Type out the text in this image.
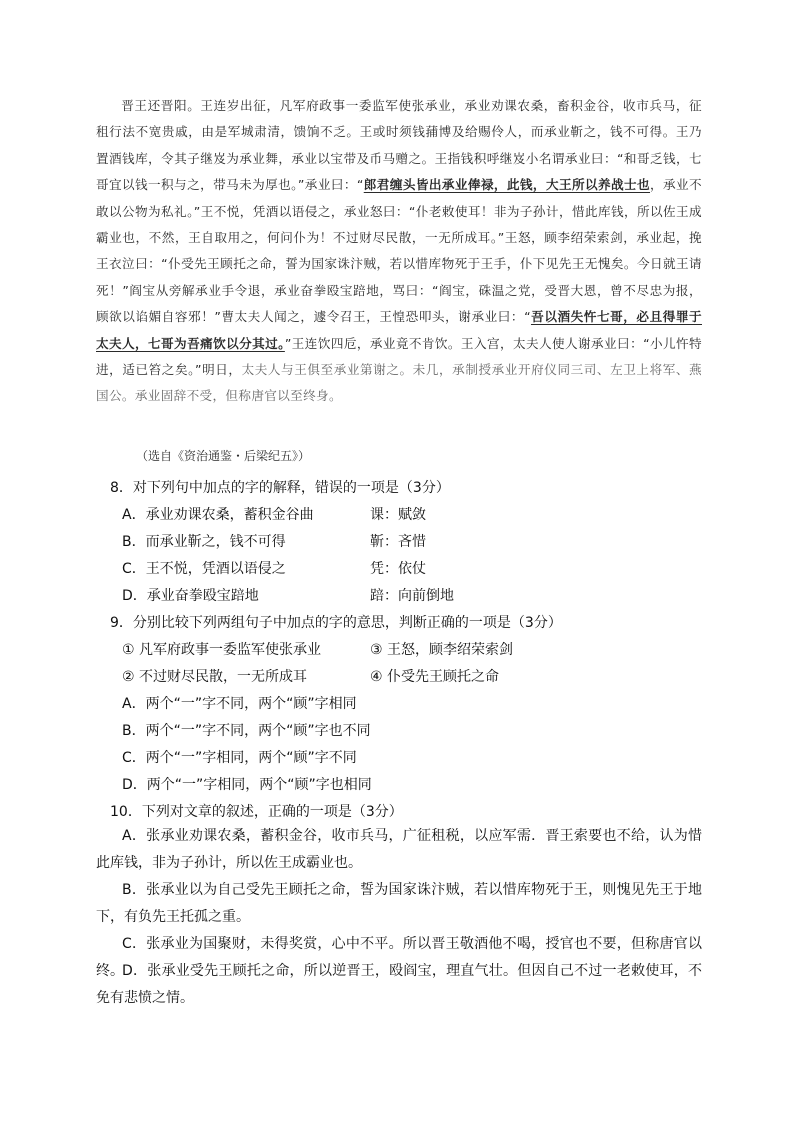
晋王还晋阳。王连岁出征，凡军府政事一委监军使张承业，承业劝课农桑，畜积金谷，收市兵马，征租行法不宽贵戚，由是军城肃清，馈饷不乏。王或时须钱蒱博及给赐伶人，而承业靳之，钱不可得。王乃置酒钱库，令其子继岌为承业舞，承业以宝带及币马赠之。王指钱积呼继岌小名谓承业曰：“和哥乏钱，七哥宜以钱一积与之，带马未为厚也。”承业曰：“郎君缠头皆出承业俸禄，此钱，大王所以养战士也，承业不敢以公物为私礼。”王不悦，凭酒以语侵之，承业怒曰：“仆老敕使耳！非为子孙计，惜此库钱，所以佐王成霸业也，不然，王自取用之，何问仆为！不过财尽民散，一无所成耳。”王怒，顾李绍荣索剑，承业起，挽王衣泣曰：“仆受先王顾托之命，誓为国家诛汴贼，若以惜库物死于王手，仆下见先王无愧矣。今日就王请死！”阎宝从旁解承业手令退，承业奋拳殴宝踣地，骂曰：“阎宝，硃温之党，受晋大恩，曾不尽忠为报，顾欲以谄媚自容邪！”曹太夫人闻之，遽令召王，王惶恐叩头，谢承业曰：“吾以酒失忤七哥，必且得罪于太夫人，七哥为吾痛饮以分其过。”王连饮四卮，承业竟不肯饮。王入宫，太夫人使人谢承业曰：“小儿忤特进，适已笞之矣。”明日，太夫人与王俱至承业第谢之。未几，承制授承业开府仪同三司、左卫上将军、燕国公。承业固辞不受，但称唐官以至终身。

（选自《资治通鉴・后梁纪五》）
8．对下列句中加点的字的解释，错误的一项是（3分）
A．承业劝课农桑，蓄积金谷曲	课：赋敛
B．而承业靳之，钱不可得	靳：吝惜
C．王不悦，凭酒以语侵之	凭：依仗
D．承业奋拳殴宝踣地	踣：向前倒地
9．分别比较下列两组句子中加点的字的意思，判断正确的一项是（3分）
① 凡军府政事一委监军使张承业	③ 王怒，顾李绍荣索剑
② 不过财尽民散，一无所成耳	④ 仆受先王顾托之命
A．两个“一”字不同，两个“顾”字相同
B．两个“一”字不同，两个“顾”字也不同
C．两个“一”字相同，两个“顾”字不同
D．两个“一”字相同，两个“顾”字也相同
10．下列对文章的叙述，正确的一项是（3分）
A．张承业劝课农桑，蓄积金谷，收市兵马，广征租税，以应军需．晋王索要也不给，认为惜此库钱，非为子孙计，所以佐王成霸业也。
B．张承业以为自己受先王顾托之命，誓为国家诛汴贼，若以惜库物死于王，则愧见先王于地下，有负先王托孤之重。
C．张承业为国聚财，未得奖赏，心中不平。所以晋王敬酒他不喝，授官也不要，但称唐官以终。
D．张承业受先王顾托之命，所以逆晋王，殴阎宝，理直气壮。但因自己不过一老敕使耳，不免有悲愤之情。
